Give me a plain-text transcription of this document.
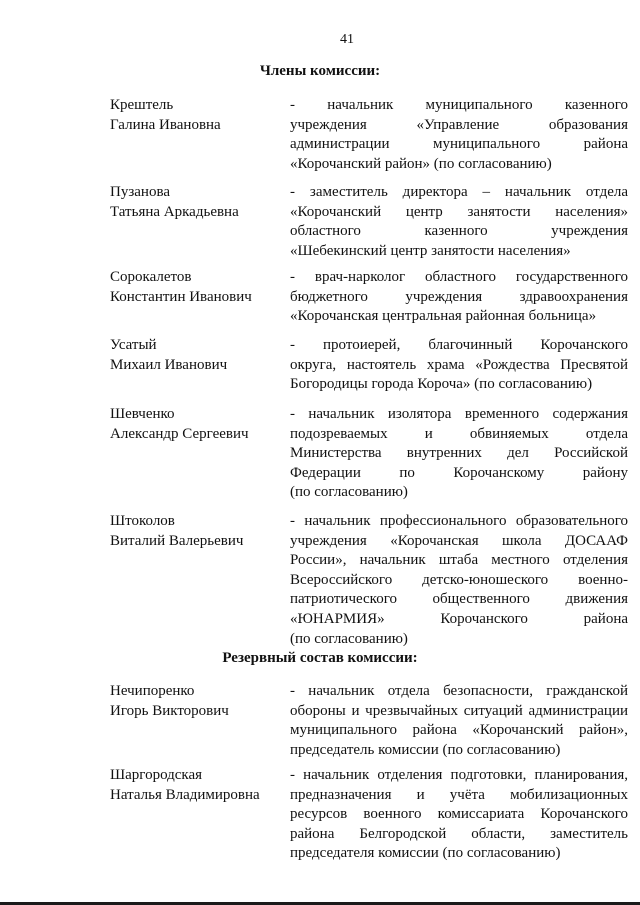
41
Члены комиссии:
Крештель
Галина Ивановна
- начальник муниципального казенного
учреждения «Управление образования
администрации муниципального района
«Корочанский район» (по согласованию)
Пузанова
Татьяна Аркадьевна
- заместитель директора – начальник отдела
«Корочанский центр занятости населения»
областного казенного учреждения
«Шебекинский центр занятости населения»
Сорокалетов
Константин Иванович
- врач-нарколог областного государственного
бюджетного учреждения здравоохранения
«Корочанская центральная районная больница»
Усатый
Михаил Иванович
- протоиерей, благочинный Корочанского
округа, настоятель храма «Рождества Пресвятой
Богородицы города Короча» (по согласованию)
Шевченко
Александр Сергеевич
- начальник изолятора временного содержания
подозреваемых и обвиняемых отдела
Министерства внутренних дел Российской
Федерации по Корочанскому району
(по согласованию)
Штоколов
Виталий Валерьевич
- начальник профессионального образовательного
учреждения «Корочанская школа ДОСААФ
России», начальник штаба местного отделения
Всероссийского детско-юношеского военно-
патриотического общественного движения
«ЮНАРМИЯ» Корочанского района
(по согласованию)
Резервный состав комиссии:
Нечипоренко
Игорь Викторович
- начальник отдела безопасности, гражданской
обороны и чрезвычайных ситуаций администрации
муниципального района «Корочанский район»,
председатель комиссии (по согласованию)
Шаргородская
Наталья Владимировна
- начальник отделения подготовки, планирования,
предназначения и учёта мобилизационных
ресурсов военного комиссариата Корочанского
района Белгородской области, заместитель
председателя комиссии (по согласованию)
